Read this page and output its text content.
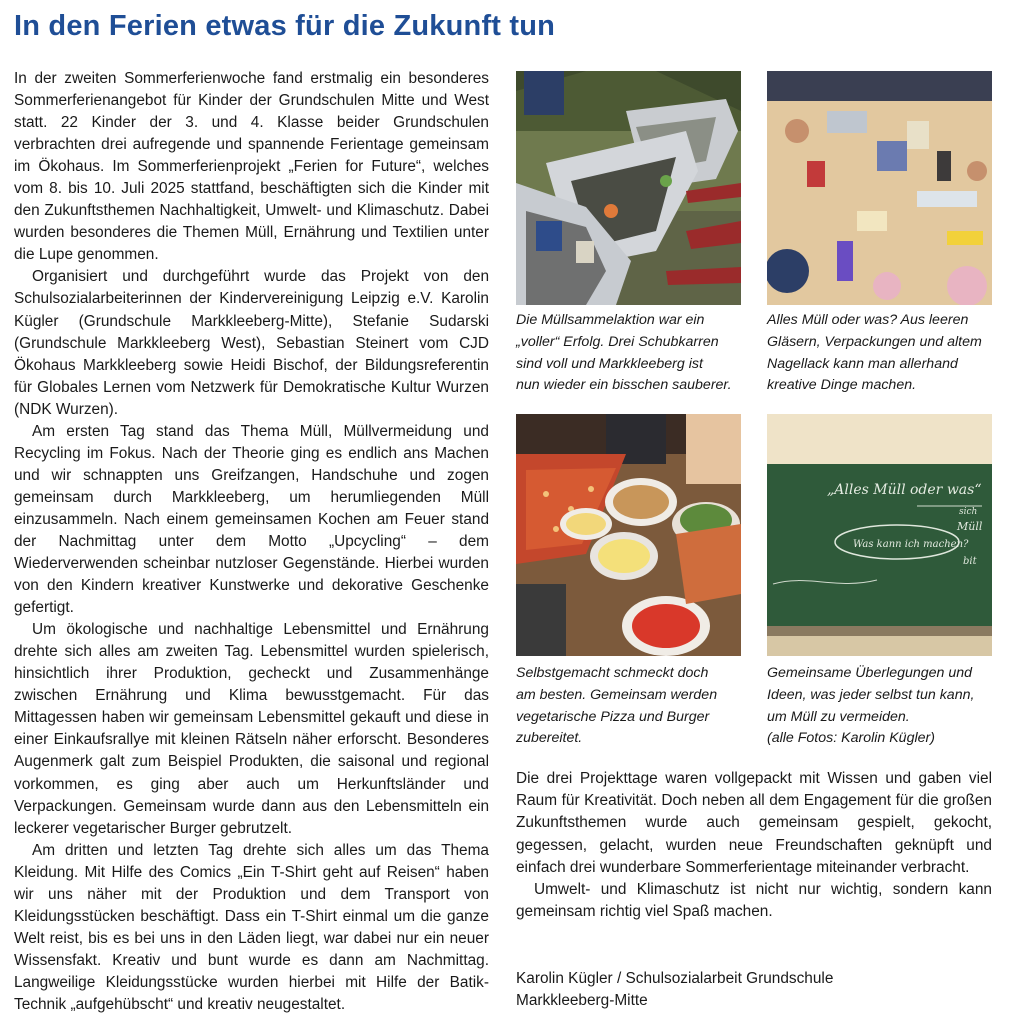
In den Ferien etwas für die Zukunft tun

In der zweiten Sommerferienwoche fand erstmalig ein besonderes Sommerferienangebot für Kinder der Grundschulen Mitte und West statt. 22 Kinder der 3. und 4. Klasse beider Grundschulen verbrachten drei aufregende und spannende Ferientage gemeinsam im Ökohaus. Im Sommerferienprojekt „Ferien for Future“, welches vom 8. bis 10. Juli 2025 stattfand, beschäftigten sich die Kinder mit den Zukunftsthemen Nachhaltigkeit, Umwelt- und Klimaschutz. Dabei wurden besonderes die Themen Müll, Ernährung und Textilien unter die Lupe genommen.

Organisiert und durchgeführt wurde das Projekt von den Schulsozialarbeiterinnen der Kindervereinigung Leipzig e.V. Karolin Kügler (Grundschule Markkleeberg-Mitte), Stefanie Sudarski (Grundschule Markkleeberg West), Sebastian Steinert vom CJD Ökohaus Markkleeberg sowie Heidi Bischof, der Bildungsreferentin für Globales Lernen vom Netzwerk für Demokratische Kultur Wurzen (NDK Wurzen).

Am ersten Tag stand das Thema Müll, Müllvermeidung und Recycling im Fokus. Nach der Theorie ging es endlich ans Machen und wir schnappten uns Greifzangen, Handschuhe und zogen gemeinsam durch Markkleeberg, um herumliegenden Müll einzusammeln. Nach einem gemeinsamen Kochen am Feuer stand der Nachmittag unter dem Motto „Upcycling“ – dem Wiederverwenden scheinbar nutzloser Gegenstände. Hierbei wurden von den Kindern kreativer Kunstwerke und dekorative Geschenke gefertigt.

Um ökologische und nachhaltige Lebensmittel und Ernährung drehte sich alles am zweiten Tag. Lebensmittel wurden spielerisch, hinsichtlich ihrer Produktion, gecheckt und Zusammenhänge zwischen Ernährung und Klima bewusstgemacht. Für das Mittagessen haben wir gemeinsam Lebensmittel gekauft und diese in einer Einkaufsrallye mit kleinen Rätseln näher erforscht. Besonderes Augenmerk galt zum Beispiel Produkten, die saisonal und regional vorkommen, es ging aber auch um Herkunftsländer und Verpackungen. Gemeinsam wurde dann aus den Lebensmitteln ein leckerer vegetarischer Burger gebrutzelt.

Am dritten und letzten Tag drehte sich alles um das Thema Kleidung. Mit Hilfe des Comics „Ein T-Shirt geht auf Reisen“ haben wir uns näher mit der Produktion und dem Transport von Kleidungsstücken beschäftigt. Dass ein T-Shirt einmal um die ganze Welt reist, bis es bei uns in den Läden liegt, war dabei nur ein neuer Wissensfakt. Kreativ und bunt wurde es dann am Nachmittag. Langweilige Kleidungsstücke wurden hierbei mit Hilfe der Batik-Technik „aufgehübscht“ und kreativ neugestaltet.

Die Müllsammelaktion war ein
„voller“ Erfolg. Drei Schubkarren
sind voll und Markkleeberg ist
nun wieder ein bisschen sauberer.

Alles Müll oder was? Aus leeren
Gläsern, Verpackungen und altem
Nagellack kann man allerhand
kreative Dinge machen.

Selbstgemacht schmeckt doch
am besten. Gemeinsam werden
vegetarische Pizza und Burger
zubereitet.

„Alles Müll oder was“
Was kann ich machen?
sich
Müll
bit

Gemeinsame Überlegungen und
Ideen, was jeder selbst tun kann,
um Müll zu vermeiden.
(alle Fotos: Karolin Kügler)

Die drei Projekttage waren vollgepackt mit Wissen und gaben viel Raum für Kreativität. Doch neben all dem Engagement für die großen Zukunftsthemen wurde auch gemeinsam gespielt, gekocht, gegessen, gelacht, wurden neue Freundschaften geknüpft und einfach drei wunderbare Sommerferientage miteinander verbracht.

Umwelt- und Klimaschutz ist nicht nur wichtig, sondern kann gemeinsam richtig viel Spaß machen.

Karolin Kügler / Schulsozialarbeit Grundschule
Markkleeberg-Mitte
